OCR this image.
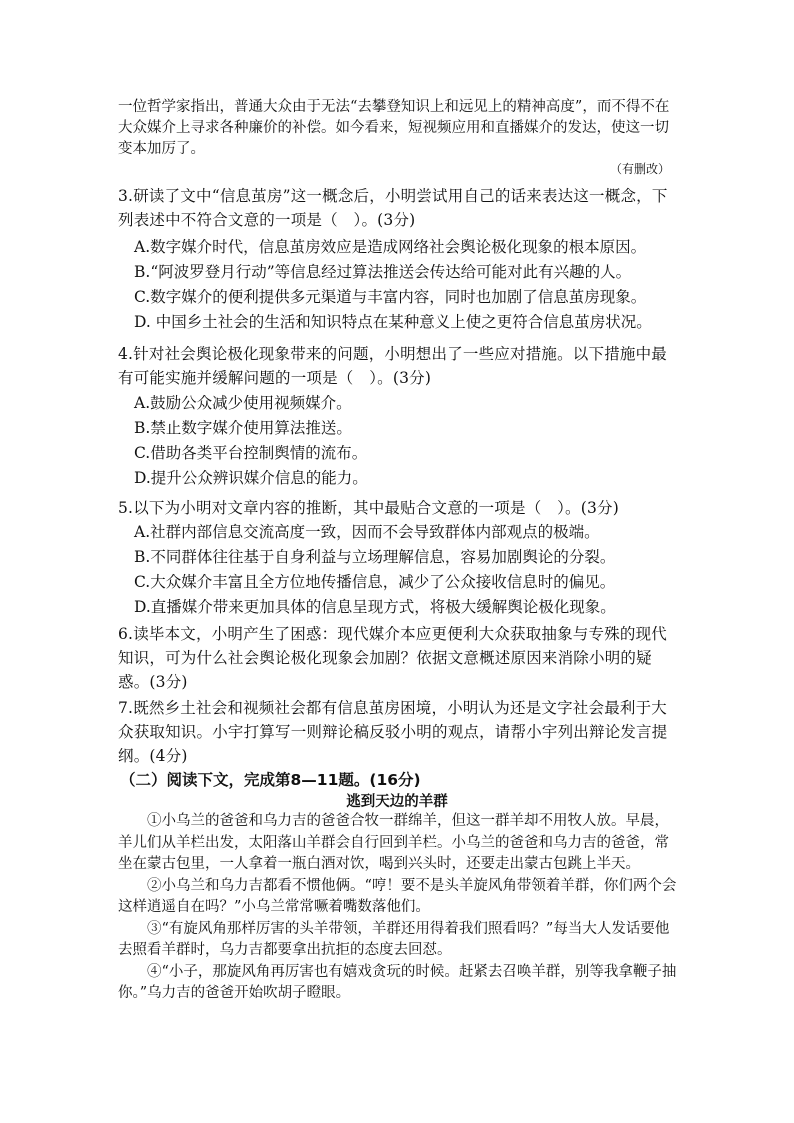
一位哲学家指出，普通大众由于无法“去攀登知识上和远见上的精神高度”，而不得不在大众媒介上寻求各种廉价的补偿。如今看来，短视频应用和直播媒介的发达，使这一切变本加厉了。
（有删改）
3.研读了文中“信息茧房”这一概念后，小明尝试用自己的话来表达这一概念，下列表述中不符合文意的一项是（　）。(3分)
A.数字媒介时代，信息茧房效应是造成网络社会舆论极化现象的根本原因。
B.“阿波罗登月行动”等信息经过算法推送会传达给可能对此有兴趣的人。
C.数字媒介的便利提供多元渠道与丰富内容，同时也加剧了信息茧房现象。
D. 中国乡土社会的生活和知识特点在某种意义上使之更符合信息茧房状况。
4.针对社会舆论极化现象带来的问题，小明想出了一些应对措施。以下措施中最有可能实施并缓解问题的一项是（　）。(3分)
A.鼓励公众减少使用视频媒介。
B.禁止数字媒介使用算法推送。
C.借助各类平台控制舆情的流布。
D.提升公众辨识媒介信息的能力。
5.以下为小明对文章内容的推断，其中最贴合文意的一项是（　）。(3分)
A.社群内部信息交流高度一致，因而不会导致群体内部观点的极端。
B.不同群体往往基于自身利益与立场理解信息，容易加剧舆论的分裂。
C.大众媒介丰富且全方位地传播信息，减少了公众接收信息时的偏见。
D.直播媒介带来更加具体的信息呈现方式，将极大缓解舆论极化现象。
6.读毕本文，小明产生了困惑：现代媒介本应更便利大众获取抽象与专殊的现代知识，可为什么社会舆论极化现象会加剧？依据文意概述原因来消除小明的疑惑。(3分)
7.既然乡土社会和视频社会都有信息茧房困境，小明认为还是文字社会最利于大众获取知识。小宇打算写一则辩论稿反驳小明的观点，请帮小宇列出辩论发言提纲。(4分)
（二）阅读下文，完成第8—11题。(16分)
逃到天边的羊群

①小乌兰的爸爸和乌力吉的爸爸合牧一群绵羊，但这一群羊却不用牧人放。早晨，羊儿们从羊栏出发，太阳落山羊群会自行回到羊栏。小乌兰的爸爸和乌力吉的爸爸，常坐在蒙古包里，一人拿着一瓶白酒对饮，喝到兴头时，还要走出蒙古包跳上半天。

②小乌兰和乌力吉都看不惯他俩。“哼！要不是头羊旋风角带领着羊群，你们两个会这样逍遥自在吗？”小乌兰常常噘着嘴数落他们。

③“有旋风角那样厉害的头羊带领，羊群还用得着我们照看吗？”每当大人发话要他去照看羊群时，乌力吉都要拿出抗拒的态度去回怼。

④“小子，那旋风角再厉害也有嬉戏贪玩的时候。赶紧去召唤羊群，别等我拿鞭子抽你。”乌力吉的爸爸开始吹胡子瞪眼。
